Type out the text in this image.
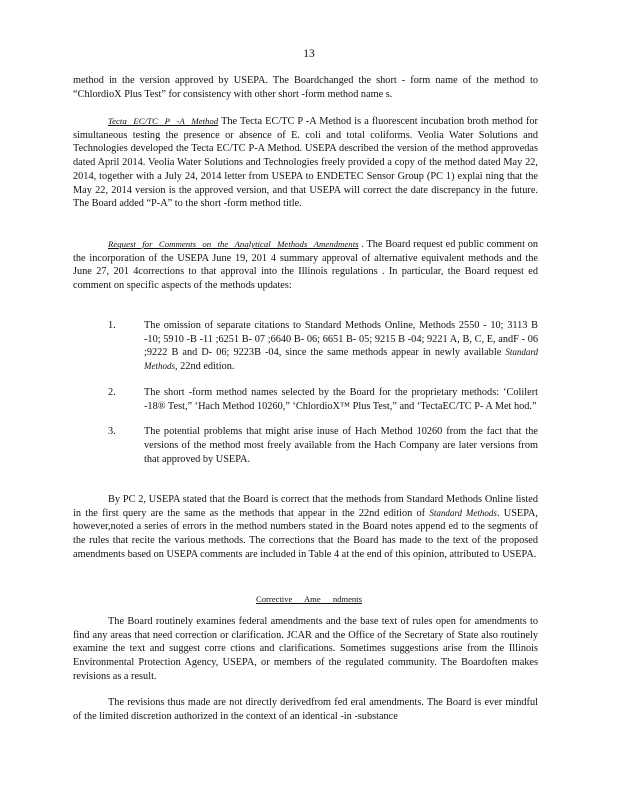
13

method in the version approved by USEPA. The Boardchanged the short - form name of the method to “ChlordioX Plus Test” for consistency with other short -form method name s.

Tecta EC/TC P -A Method The Tecta EC/TC P -A Method is a fluorescent incubation broth method for simultaneous testing the presence or absence of E. coli and total coliforms. Veolia Water Solutions and Technologies developed the Tecta EC/TC P-A Method. USEPA described the version of the method approvedas dated April 2014. Veolia Water Solutions and Technologies freely provided a copy of the method dated May 22, 2014, together with a July 24, 2014 letter from USEPA to ENDETEC Sensor Group (PC 1) explai ning that the May 22, 2014 version is the approved version, and that USEPA will correct the date discrepancy in the future. The Board added “P-A” to the short -form method title.

Request for Comments on the Analytical Methods Amendments . The Board request ed public comment on the incorporation of the USEPA June 19, 201 4 summary approval of alternative equivalent methods and the June 27, 201 4corrections to that approval into the Illinois regulations . In particular, the Board request ed comment on specific aspects of the methods updates:

1.	The omission of separate citations to Standard Methods Online, Methods 2550 - 10; 3113 B -10; 5910 -B -11 ;6251 B- 07 ;6640 B- 06; 6651 B- 05; 9215 B -04; 9221 A, B, C, E, andF - 06 ;9222 B and D- 06; 9223B -04, since the same methods appear in newly available Standard Methods, 22nd edition.
2.	The short -form method names selected by the Board for the proprietary methods: ‘Colilert -18® Test,” ‘Hach Method 10260,” ‘ChlordioX™ Plus Test,” and ‘TectaEC/TC P- A Met hod.”
3.	The potential problems that might arise inuse of Hach Method 10260 from the fact that the versions of the method most freely available from the Hach Company are later versions from that approved by USEPA.

By PC 2, USEPA stated that the Board is correct that the methods from Standard Methods Online listed in the first query are the same as the methods that appear in the 22nd edition of Standard Methods. USEPA, however,noted a series of errors in the method numbers stated in the Board notes append ed to the segments of the rules that recite the various methods. The corrections that the Board has made to the text of the proposed amendments based on USEPA comments are included in Table 4 at the end of this opinion, attributed to USEPA.

Corrective Ame ndments

The Board routinely examines federal amendments and the base text of rules open for amendments to find any areas that need correction or clarification. JCAR and the Office of the Secretary of State also routinely examine the text and suggest corre ctions and clarifications. Sometimes suggestions arise from the Illinois Environmental Protection Agency, USEPA, or members of the regulated community. The Boardoften makes revisions as a result.

The revisions thus made are not directly derivedfrom fed eral amendments. The Board is ever mindful of the limited discretion authorized in the context of an identical -in -substance
